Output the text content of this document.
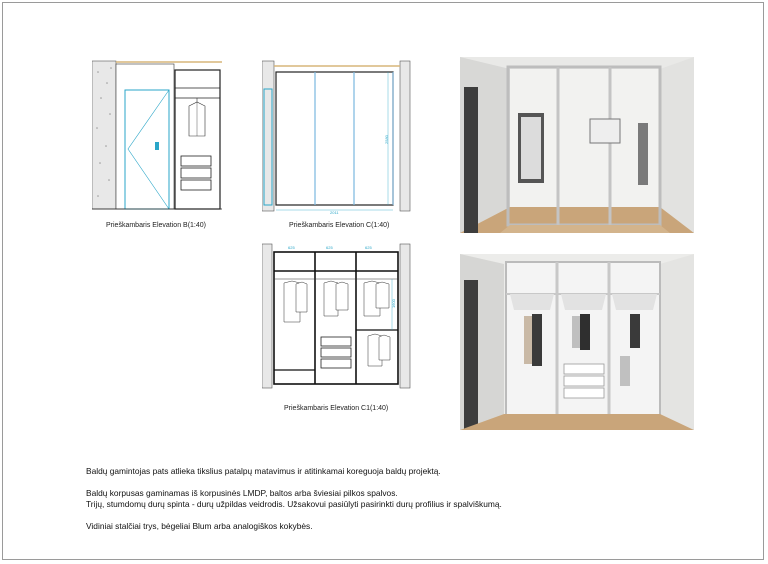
Prieškambaris Elevation B(1:40)
2011
2580
Prieškambaris Elevation C(1:40)
625	625	625
1600
Prieškambaris Elevation C1(1:40)

Baldų gamintojas pats atlieka tikslius patalpų matavimus ir atitinkamai koreguoja baldų projektą.

Baldų korpusas gaminamas iš korpusinės LMDP, baltos arba šviesiai pilkos spalvos.

Trijų, stumdomų durų spinta - durų užpildas veidrodis. Užsakovui pasiūlyti pasirinkti durų profilius ir spalviškumą.

Vidiniai stalčiai trys, bėgeliai Blum arba analogiškos kokybės.
